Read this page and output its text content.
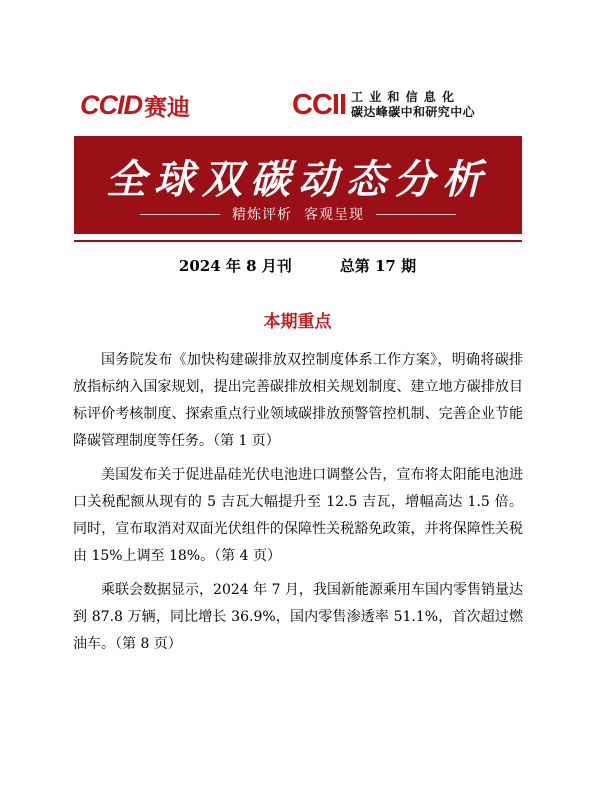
CCID 赛迪	CCII 工业和信息化
碳达峰碳中和研究中心
全球双碳动态分析
精炼评析 客观呈现
2024 年 8 月刊	总第 17 期
本期重点

国务院发布《加快构建碳排放双控制度体系工作方案》，明确将碳排放指标纳入国家规划，提出完善碳排放相关规划制度、建立地方碳排放目标评价考核制度、探索重点行业领域碳排放预警管控机制、完善企业节能降碳管理制度等任务。（第 1 页）

美国发布关于促进晶硅光伏电池进口调整公告，宣布将太阳能电池进口关税配额从现有的 5 吉瓦大幅提升至 12.5 吉瓦，增幅高达 1.5 倍。同时，宣布取消对双面光伏组件的保障性关税豁免政策，并将保障性关税由 15%上调至 18%。（第 4 页）

乘联会数据显示，2024 年 7 月，我国新能源乘用车国内零售销量达到 87.8 万辆，同比增长 36.9%，国内零售渗透率 51.1%，首次超过燃油车。（第 8 页）
